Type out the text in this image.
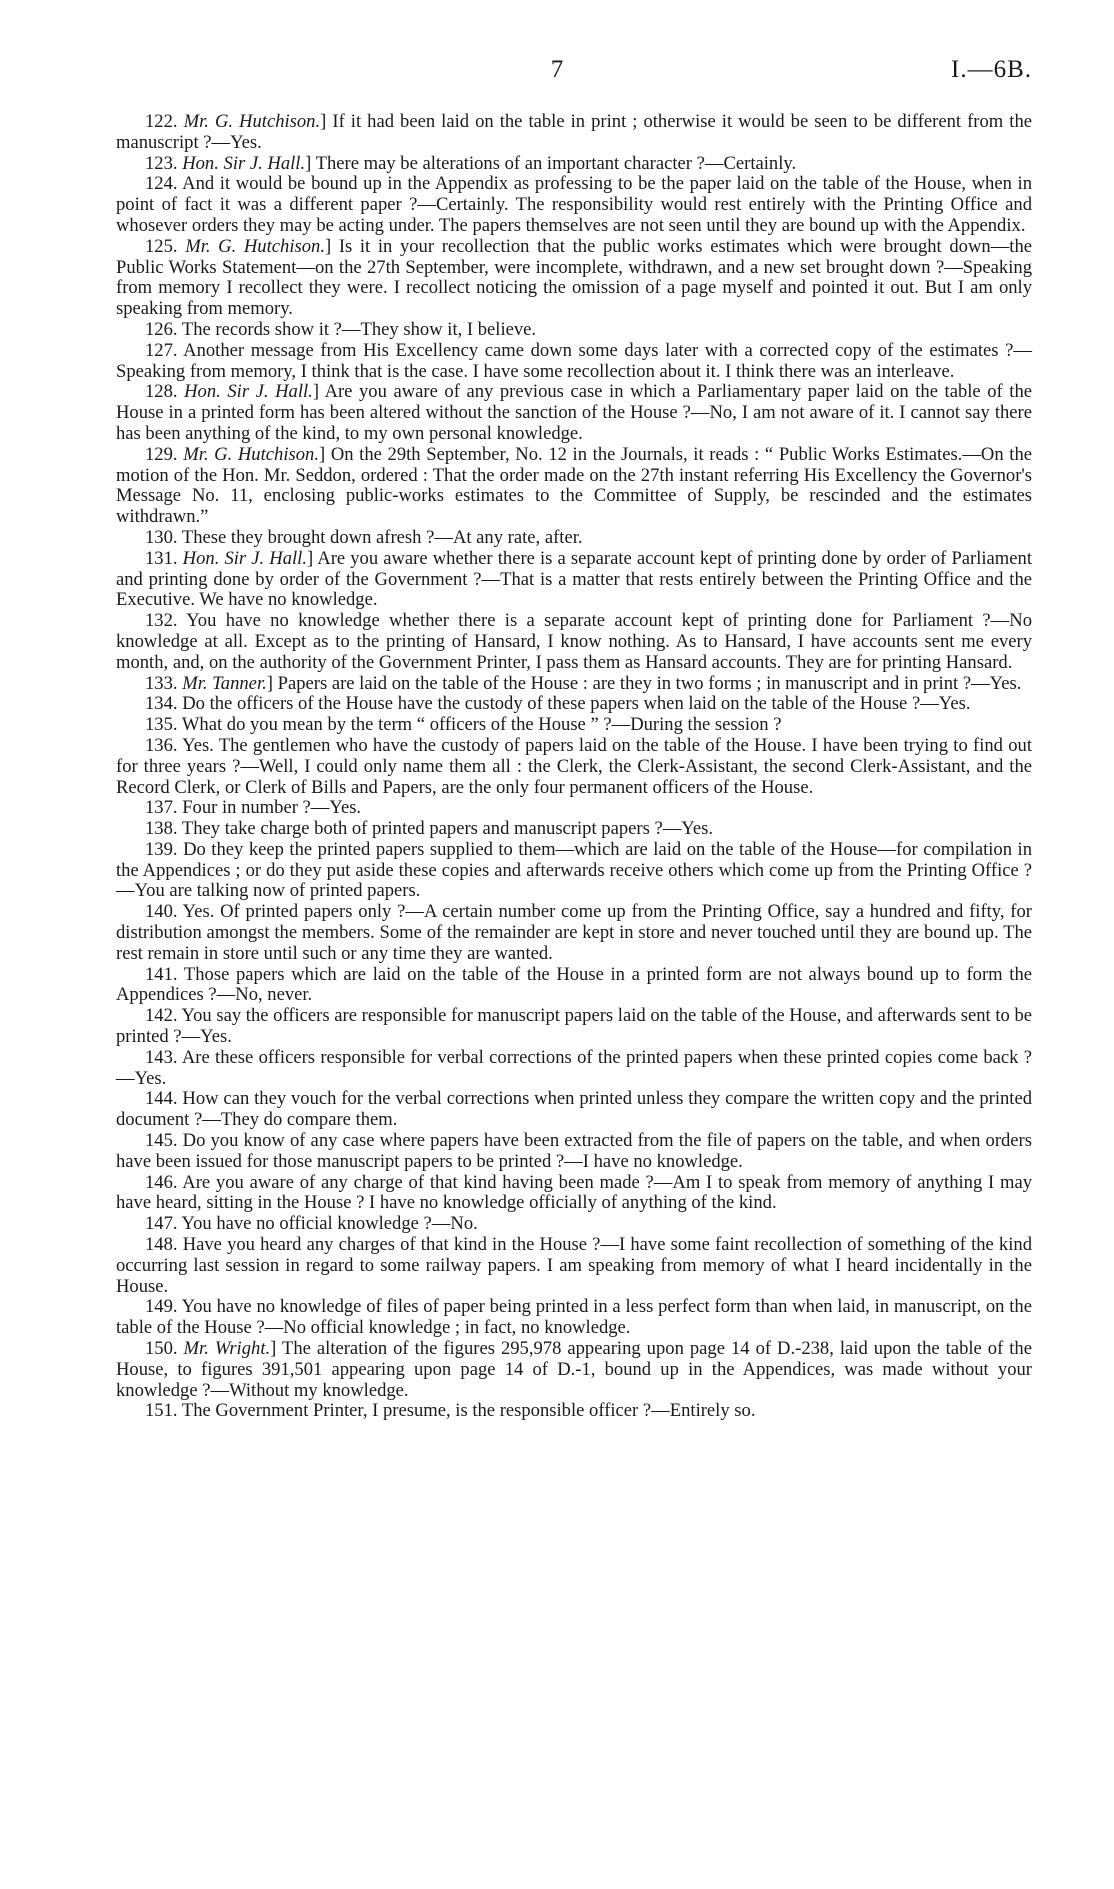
7	I.—6B.

122. Mr. G. Hutchison.] If it had been laid on the table in print ; otherwise it would be seen to be different from the manuscript ?—Yes.

123. Hon. Sir J. Hall.] There may be alterations of an important character ?—Certainly.

124. And it would be bound up in the Appendix as professing to be the paper laid on the table of the House, when in point of fact it was a different paper ?—Certainly. The responsibility would rest entirely with the Printing Office and whosever orders they may be acting under. The papers themselves are not seen until they are bound up with the Appendix.

125. Mr. G. Hutchison.] Is it in your recollection that the public works estimates which were brought down—the Public Works Statement—on the 27th September, were incomplete, withdrawn, and a new set brought down ?—Speaking from memory I recollect they were. I recollect noticing the omission of a page myself and pointed it out. But I am only speaking from memory.

126. The records show it ?—They show it, I believe.

127. Another message from His Excellency came down some days later with a corrected copy of the estimates ?—Speaking from memory, I think that is the case. I have some recollection about it. I think there was an interleave.

128. Hon. Sir J. Hall.] Are you aware of any previous case in which a Parliamentary paper laid on the table of the House in a printed form has been altered without the sanction of the House ?—No, I am not aware of it. I cannot say there has been anything of the kind, to my own personal knowledge.

129. Mr. G. Hutchison.] On the 29th September, No. 12 in the Journals, it reads : “ Public Works Estimates.—On the motion of the Hon. Mr. Seddon, ordered : That the order made on the 27th instant referring His Excellency the Governor's Message No. 11, enclosing public-works estimates to the Committee of Supply, be rescinded and the estimates withdrawn.”

130. These they brought down afresh ?—At any rate, after.

131. Hon. Sir J. Hall.] Are you aware whether there is a separate account kept of printing done by order of Parliament and printing done by order of the Government ?—That is a matter that rests entirely between the Printing Office and the Executive. We have no knowledge.

132. You have no knowledge whether there is a separate account kept of printing done for Parliament ?—No knowledge at all. Except as to the printing of Hansard, I know nothing. As to Hansard, I have accounts sent me every month, and, on the authority of the Government Printer, I pass them as Hansard accounts. They are for printing Hansard.

133. Mr. Tanner.] Papers are laid on the table of the House : are they in two forms ; in manuscript and in print ?—Yes.

134. Do the officers of the House have the custody of these papers when laid on the table of the House ?—Yes.

135. What do you mean by the term “ officers of the House ” ?—During the session ?

136. Yes. The gentlemen who have the custody of papers laid on the table of the House. I have been trying to find out for three years ?—Well, I could only name them all : the Clerk, the Clerk-Assistant, the second Clerk-Assistant, and the Record Clerk, or Clerk of Bills and Papers, are the only four permanent officers of the House.

137. Four in number ?—Yes.

138. They take charge both of printed papers and manuscript papers ?—Yes.

139. Do they keep the printed papers supplied to them—which are laid on the table of the House—for compilation in the Appendices ; or do they put aside these copies and afterwards receive others which come up from the Printing Office ?—You are talking now of printed papers.

140. Yes. Of printed papers only ?—A certain number come up from the Printing Office, say a hundred and fifty, for distribution amongst the members. Some of the remainder are kept in store and never touched until they are bound up. The rest remain in store until such or any time they are wanted.

141. Those papers which are laid on the table of the House in a printed form are not always bound up to form the Appendices ?—No, never.

142. You say the officers are responsible for manuscript papers laid on the table of the House, and afterwards sent to be printed ?—Yes.

143. Are these officers responsible for verbal corrections of the printed papers when these printed copies come back ?—Yes.

144. How can they vouch for the verbal corrections when printed unless they compare the written copy and the printed document ?—They do compare them.

145. Do you know of any case where papers have been extracted from the file of papers on the table, and when orders have been issued for those manuscript papers to be printed ?—I have no knowledge.

146. Are you aware of any charge of that kind having been made ?—Am I to speak from memory of anything I may have heard, sitting in the House ? I have no knowledge officially of anything of the kind.

147. You have no official knowledge ?—No.

148. Have you heard any charges of that kind in the House ?—I have some faint recollection of something of the kind occurring last session in regard to some railway papers. I am speaking from memory of what I heard incidentally in the House.

149. You have no knowledge of files of paper being printed in a less perfect form than when laid, in manuscript, on the table of the House ?—No official knowledge ; in fact, no knowledge.

150. Mr. Wright.] The alteration of the figures 295,978 appearing upon page 14 of D.-238, laid upon the table of the House, to figures 391,501 appearing upon page 14 of D.-1, bound up in the Appendices, was made without your knowledge ?—Without my knowledge.

151. The Government Printer, I presume, is the responsible officer ?—Entirely so.
